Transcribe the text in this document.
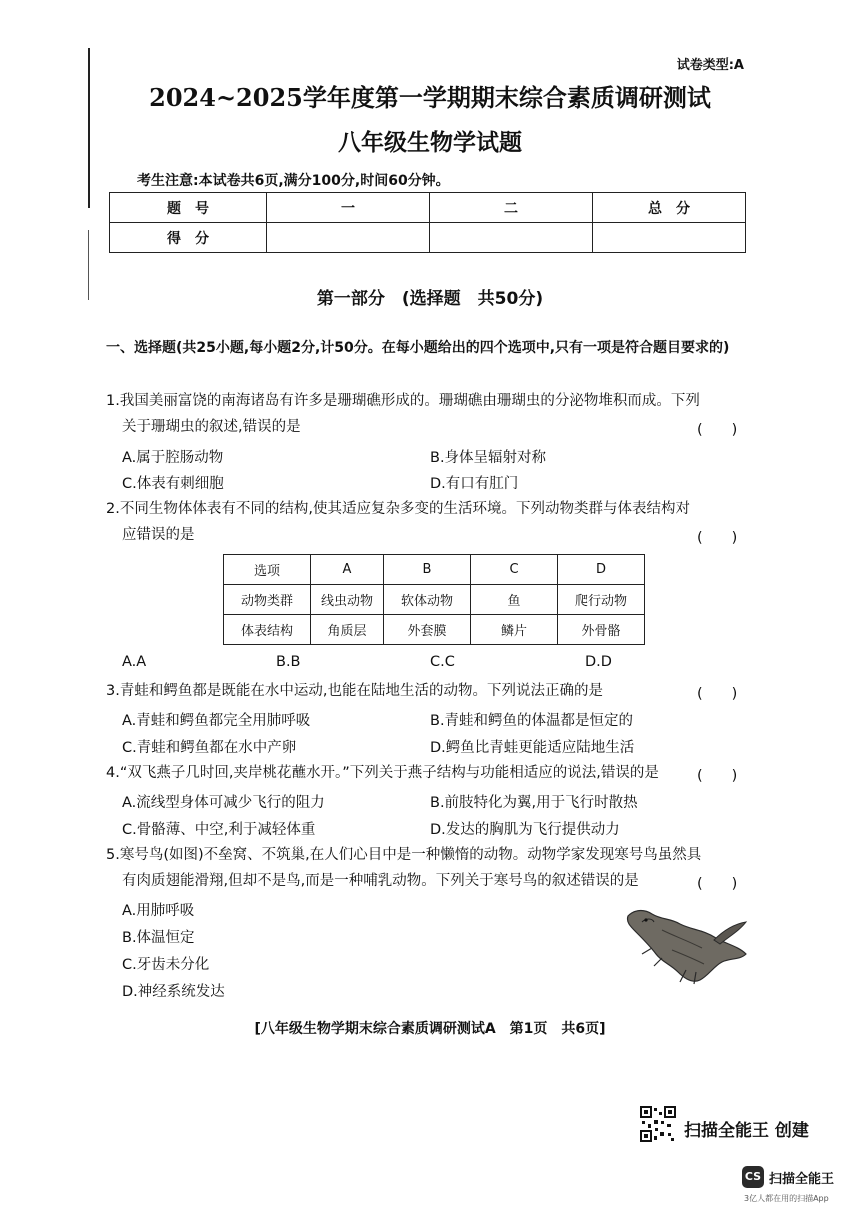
试卷类型:A
2024~2025学年度第一学期期末综合素质调研测试
八年级生物学试题
考生注意:本试卷共6页,满分100分,时间60分钟。
题　号	一	二	总　分
得　分			
第一部分　(选择题　共50分)
一、选择题(共25小题,每小题2分,计50分。在每小题给出的四个选项中,只有一项是符合题目要求的)
1.我国美丽富饶的南海诸岛有许多是珊瑚礁形成的。珊瑚礁由珊瑚虫的分泌物堆积而成。下列
关于珊瑚虫的叙述,错误的是	(　　)
A.属于腔肠动物	B.身体呈辐射对称
C.体表有刺细胞	D.有口有肛门
2.不同生物体体表有不同的结构,使其适应复杂多变的生活环境。下列动物类群与体表结构对
应错误的是	(　　)
选项	A	B	C	D
动物类群	线虫动物	软体动物	鱼	爬行动物
体表结构	角质层	外套膜	鳞片	外骨骼
A.A	B.B	C.C	D.D
3.青蛙和鳄鱼都是既能在水中运动,也能在陆地生活的动物。下列说法正确的是	(　　)
A.青蛙和鳄鱼都完全用肺呼吸	B.青蛙和鳄鱼的体温都是恒定的
C.青蛙和鳄鱼都在水中产卵	D.鳄鱼比青蛙更能适应陆地生活
4.“双飞燕子几时回,夹岸桃花蘸水开。”下列关于燕子结构与功能相适应的说法,错误的是	(　　)
A.流线型身体可减少飞行的阻力	B.前肢特化为翼,用于飞行时散热
C.骨骼薄、中空,利于减轻体重	D.发达的胸肌为飞行提供动力
5.寒号鸟(如图)不垒窝、不筑巢,在人们心目中是一种懒惰的动物。动物学家发现寒号鸟虽然具
有肉质翅能滑翔,但却不是鸟,而是一种哺乳动物。下列关于寒号鸟的叙述错误的是	(　　)
A.用肺呼吸
B.体温恒定
C.牙齿未分化
D.神经系统发达
[八年级生物学期末综合素质调研测试A　第1页　共6页]
扫描全能王 创建
CS 扫描全能王
3亿人都在用的扫描App
